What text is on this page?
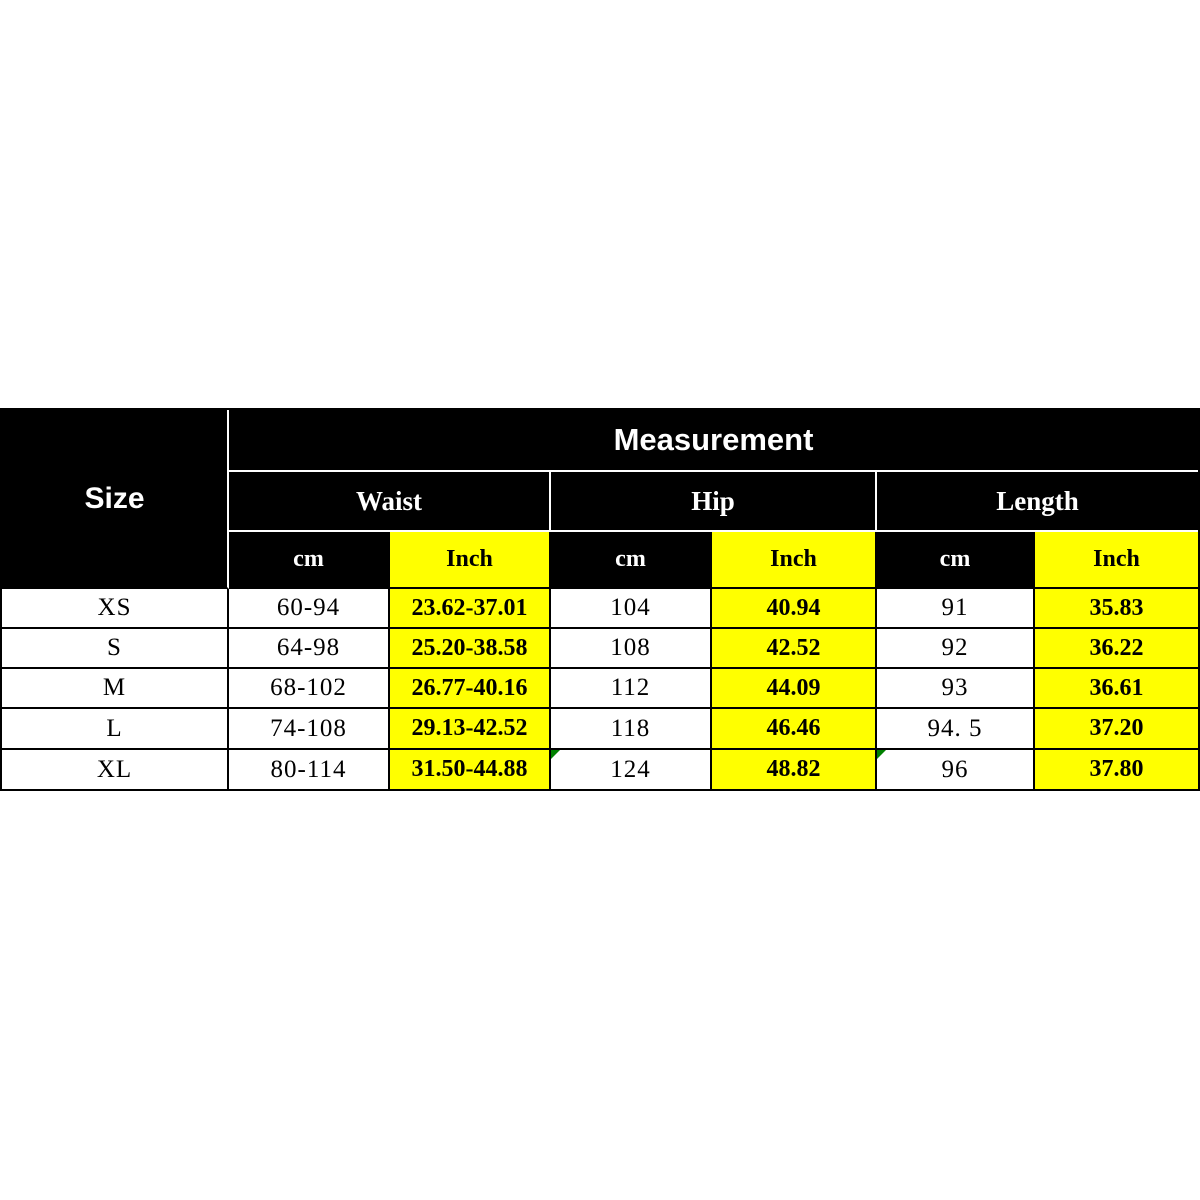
Size
Measurement
Waist	Hip	Length
cm	Inch	cm	Inch	cm	Inch
XS	60-94	23.62-37.01	104	40.94	91	35.83
S	64-98	25.20-38.58	108	42.52	92	36.22
M	68-102	26.77-40.16	112	44.09	93	36.61
L	74-108	29.13-42.52	118	46.46	94. 5	37.20
XL	80-114	31.50-44.88	124	48.82	96	37.80
